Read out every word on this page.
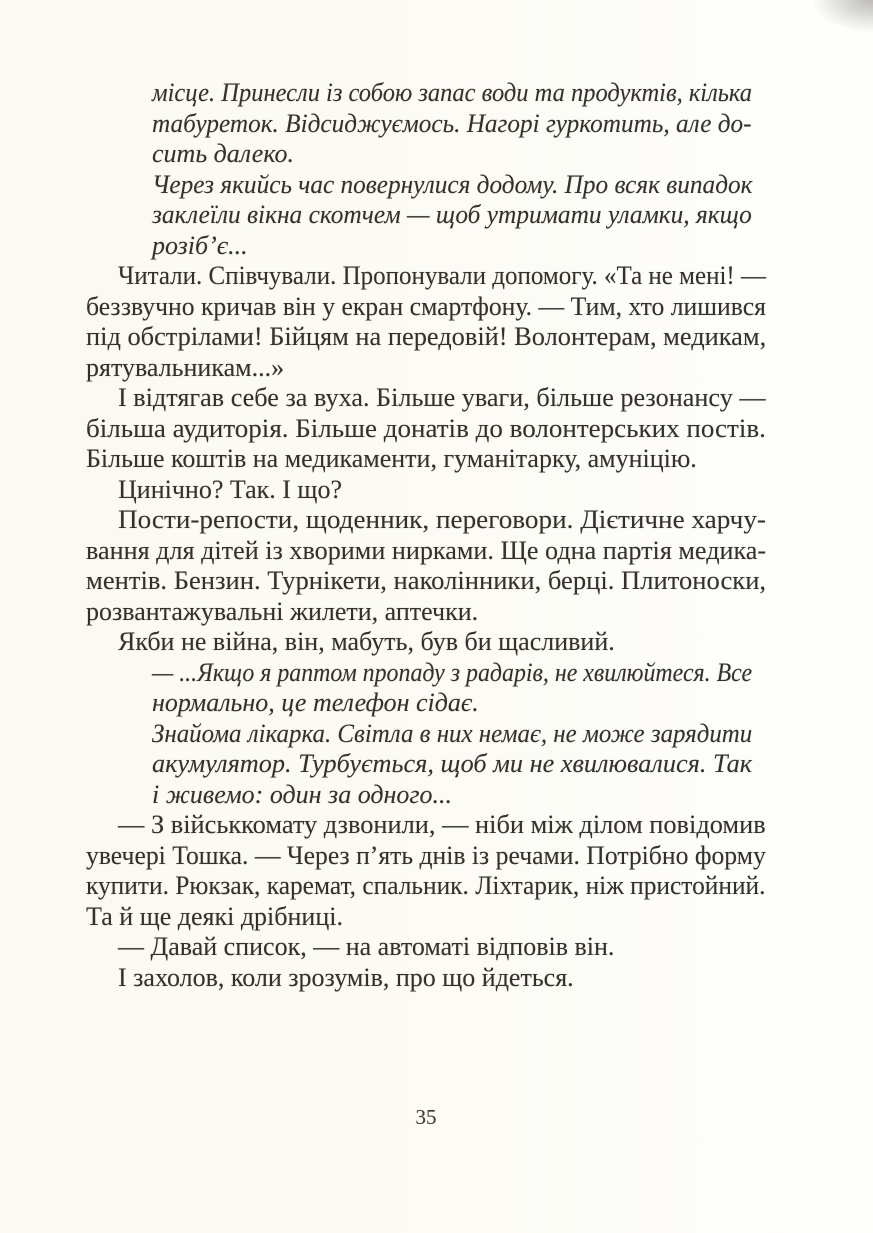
місце. Принесли із собою запас води та продуктів, кілька
табуреток. Відсиджуємось. Нагорі гуркотить, але до-
сить далеко.
Через якийсь час повернулися додому. Про всяк випадок
заклеїли вікна скотчем — щоб утримати уламки, якщо
розіб’є...
Читали. Співчували. Пропонували допомогу. «Та не мені! —
беззвучно кричав він у екран смартфону. — Тим, хто лишився
під обстрілами! Бійцям на передовій! Волонтерам, медикам,
рятувальникам...»
І відтягав себе за вуха. Більше уваги, більше резонансу —
більша аудиторія. Більше донатів до волонтерських постів.
Більше коштів на медикаменти, гуманітарку, амуніцію.
Цинічно? Так. І що?
Пости-репости, щоденник, переговори. Дієтичне харчу-
вання для дітей із хворими нирками. Ще одна партія медика-
ментів. Бензин. Турнікети, наколінники, берці. Плитоноски,
розвантажувальні жилети, аптечки.
Якби не війна, він, мабуть, був би щасливий.
— ...Якщо я раптом пропаду з радарів, не хвилюйтеся. Все
нормально, це телефон сідає.
Знайома лікарка. Світла в них немає, не може зарядити
акумулятор. Турбується, щоб ми не хвилювалися. Так
і живемо: один за одного...
— З військкомату дзвонили, — ніби між ділом повідомив
увечері Тошка. — Через п’ять днів із речами. Потрібно форму
купити. Рюкзак, каремат, спальник. Ліхтарик, ніж пристойний.
Та й ще деякі дрібниці.
— Давай список, — на автоматі відповів він.
І захолов, коли зрозумів, про що йдеться.
35
